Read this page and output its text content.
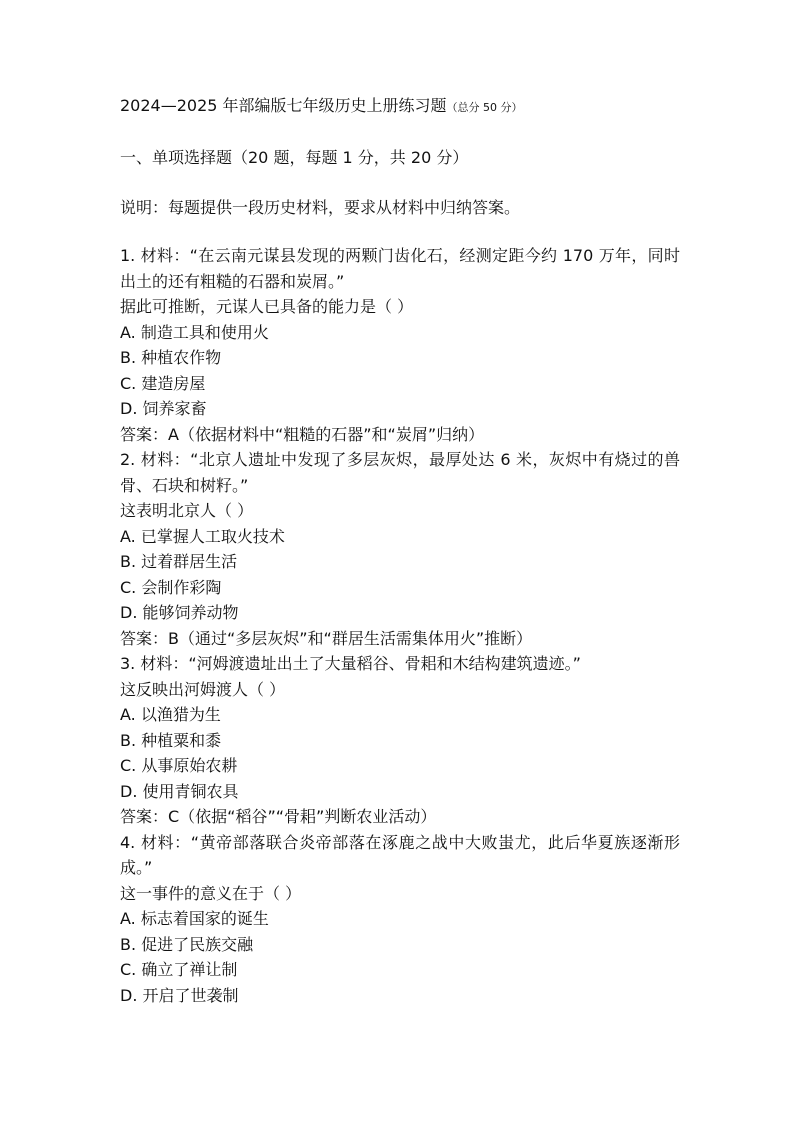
2024—2025 年部编版七年级历史上册练习题（总分 50 分）
一、单项选择题（20 题，每题 1 分，共 20 分）
说明：每题提供一段历史材料，要求从材料中归纳答案。
1. 材料：“在云南元谋县发现的两颗门齿化石，经测定距今约 170 万年，同时出土的还有粗糙的石器和炭屑。”
据此可推断，元谋人已具备的能力是（ ）
A. 制造工具和使用火
B. 种植农作物
C. 建造房屋
D. 饲养家畜
答案：A（依据材料中“粗糙的石器”和“炭屑”归纳）
2. 材料：“北京人遗址中发现了多层灰烬，最厚处达 6 米，灰烬中有烧过的兽骨、石块和树籽。”
这表明北京人（ ）
A. 已掌握人工取火技术
B. 过着群居生活
C. 会制作彩陶
D. 能够饲养动物
答案：B（通过“多层灰烬”和“群居生活需集体用火”推断）
3. 材料：“河姆渡遗址出土了大量稻谷、骨耜和木结构建筑遗迹。”
这反映出河姆渡人（ ）
A. 以渔猎为生
B. 种植粟和黍
C. 从事原始农耕
D. 使用青铜农具
答案：C（依据“稻谷”“骨耜”判断农业活动）
4. 材料：“黄帝部落联合炎帝部落在涿鹿之战中大败蚩尤，此后华夏族逐渐形成。”
这一事件的意义在于（ ）
A. 标志着国家的诞生
B. 促进了民族交融
C. 确立了禅让制
D. 开启了世袭制
